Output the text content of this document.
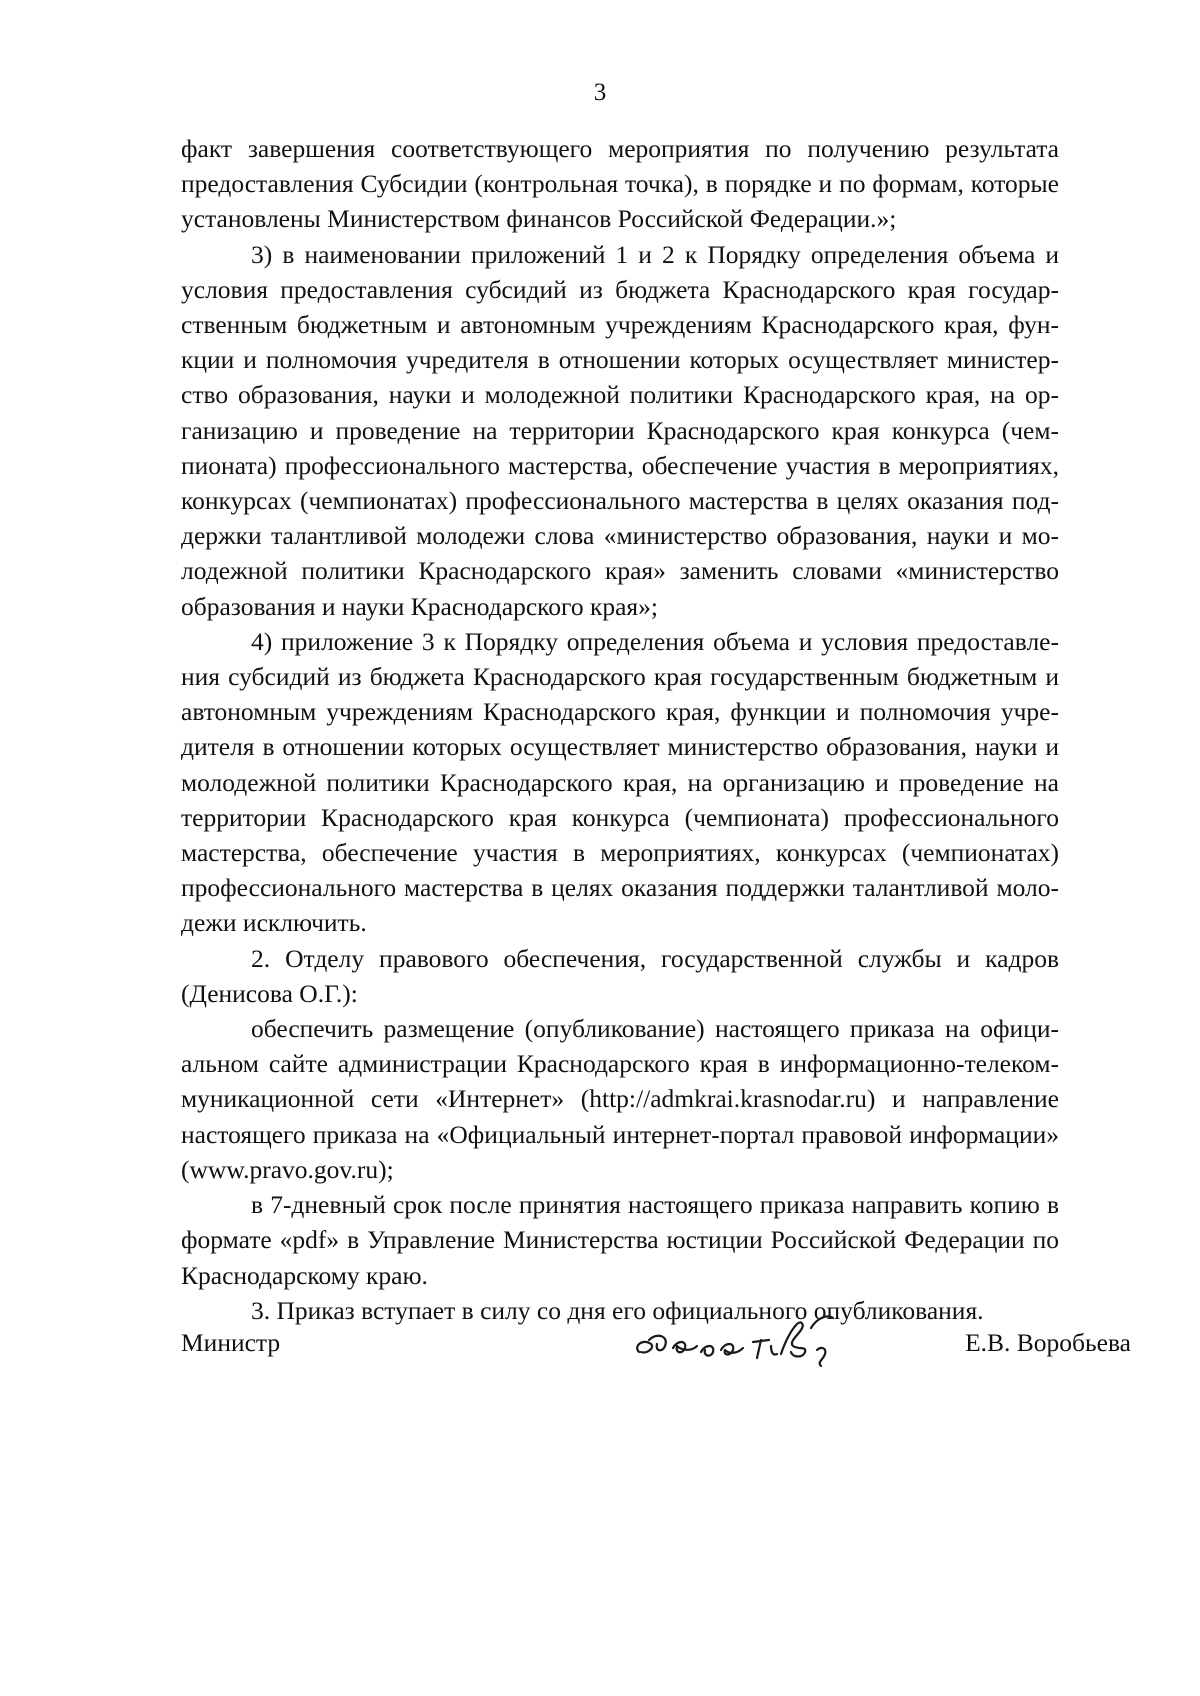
3

факт завершения соответствующего мероприятия по получению результата предоставления Субсидии (контрольная точка), в порядке и по формам, которые установлены Министерством финансов Российской Федерации.»;

3) в наименовании приложений 1 и 2 к Порядку определения объема и условия предоставления субсидий из бюджета Краснодарского края государственным бюджетным и автономным учреждениям Краснодарского края, функции и полномочия учредителя в отношении которых осуществляет министерство образования, науки и молодежной политики Краснодарского края, на организацию и проведение на территории Краснодарского края конкурса (чемпионата) профессионального мастерства, обеспечение участия в мероприятиях, конкурсах (чемпионатах) профессионального мастерства в целях оказания поддержки талантливой молодежи слова «министерство образования, науки и молодежной политики Краснодарского края» заменить словами «министерство образования и науки Краснодарского края»;

4) приложение 3 к Порядку определения объема и условия предоставления субсидий из бюджета Краснодарского края государственным бюджетным и автономным учреждениям Краснодарского края, функции и полномочия учредителя в отношении которых осуществляет министерство образования, науки и молодежной политики Краснодарского края, на организацию и проведение на территории Краснодарского края конкурса (чемпионата) профессионального мастерства, обеспечение участия в мероприятиях, конкурсах (чемпионатах) профессионального мастерства в целях оказания поддержки талантливой молодежи исключить.

2. Отделу правового обеспечения, государственной службы и кадров (Денисова О.Г.):

обеспечить размещение (опубликование) настоящего приказа на официальном сайте администрации Краснодарского края в информационно-телекоммуникационной сети «Интернет» (http://admkrai.krasnodar.ru) и направление настоящего приказа на «Официальный интернет-портал правовой информации» (www.pravo.gov.ru);

в 7-дневный срок после принятия настоящего приказа направить копию в формате «pdf» в Управление Министерства юстиции Российской Федерации по Краснодарскому краю.

3. Приказ вступает в силу со дня его официального опубликования.

Министр	Е.В. Воробьева
